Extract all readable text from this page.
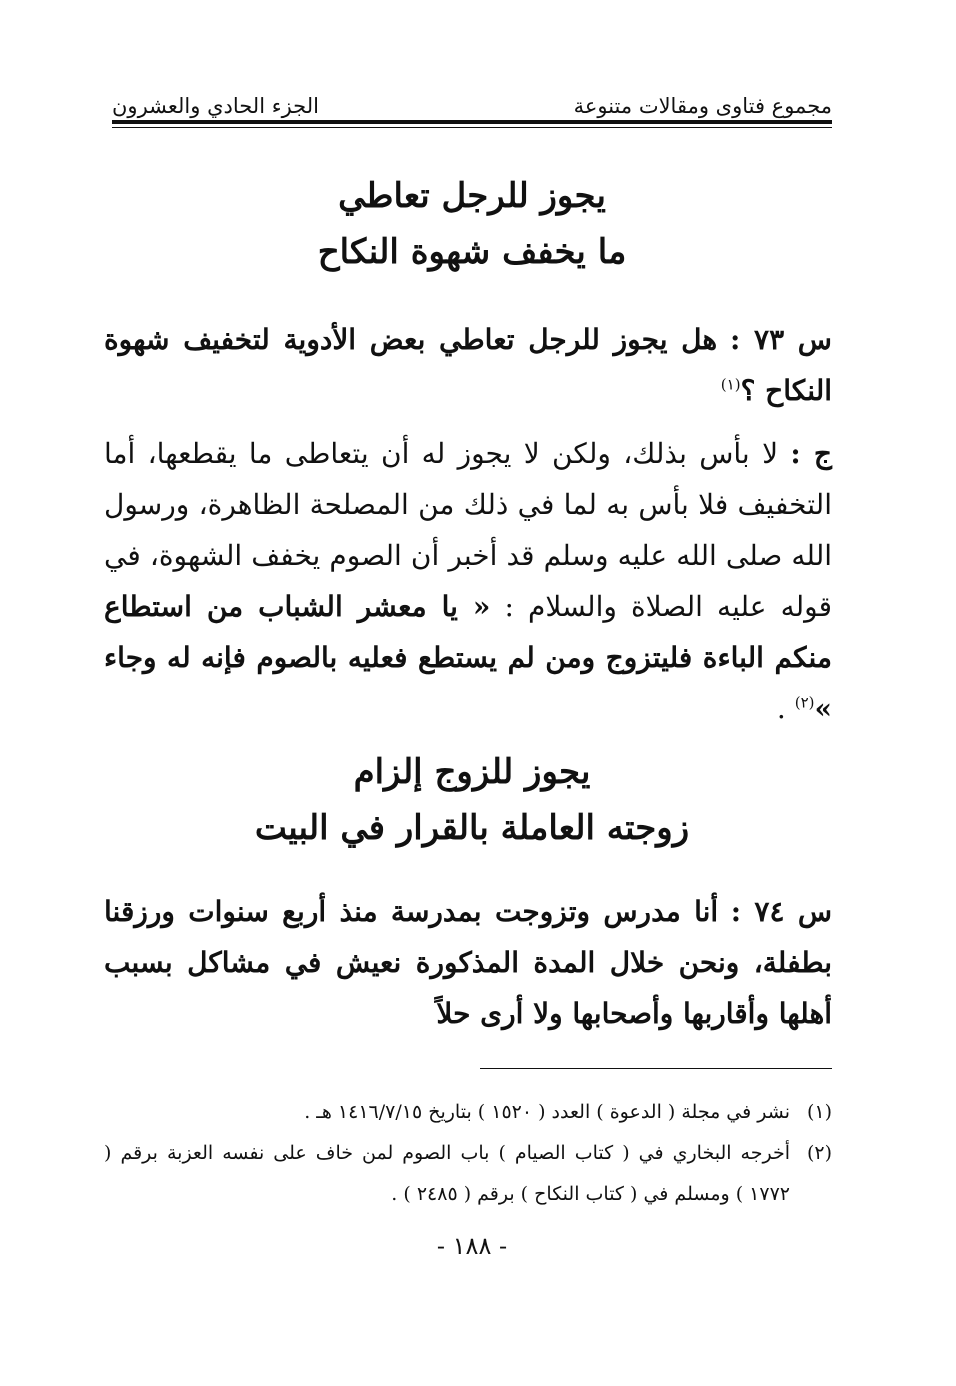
مجموع فتاوى ومقالات متنوعة
الجزء الحادي والعشرون
يجوز للرجل تعاطي
ما يخفف شهوة النكاح

س ٧٣ : هل يجوز للرجل تعاطي بعض الأدوية لتخفيف شهوة النكاح ؟$^{(١)}$

ج : لا بأس بذلك، ولكن لا يجوز له أن يتعاطى ما يقطعها، أما التخفيف فلا بأس به لما في ذلك من المصلحة الظاهرة، ورسول الله صلى الله عليه وسلم قد أخبر أن الصوم يخفف الشهوة، في قوله عليه الصلاة والسلام : « يا معشر الشباب من استطاع منكم الباءة فليتزوج ومن لم يستطع فعليه بالصوم فإنه له وجاء »$^{(٢)}$ .

يجوز للزوج إلزام
زوجته العاملة بالقرار في البيت

س ٧٤ : أنا مدرس وتزوجت بمدرسة منذ أربع سنوات ورزقنا بطفلة، ونحن خلال المدة المذكورة نعيش في مشاكل بسبب أهلها وأقاربها وأصحابها ولا أرى حلاً

(١)
نشر في مجلة ( الدعوة ) العدد ( ١٥٢٠ ) بتاريخ ١٤١٦/٧/١٥ هـ .
(٢)
أخرجه البخاري في ( كتاب الصيام ) باب الصوم لمن خاف على نفسه العزبة برقم ( ١٧٧٢ ) ومسلم في ( كتاب النكاح ) برقم ( ٢٤٨٥ ) .
- ١٨٨ -
